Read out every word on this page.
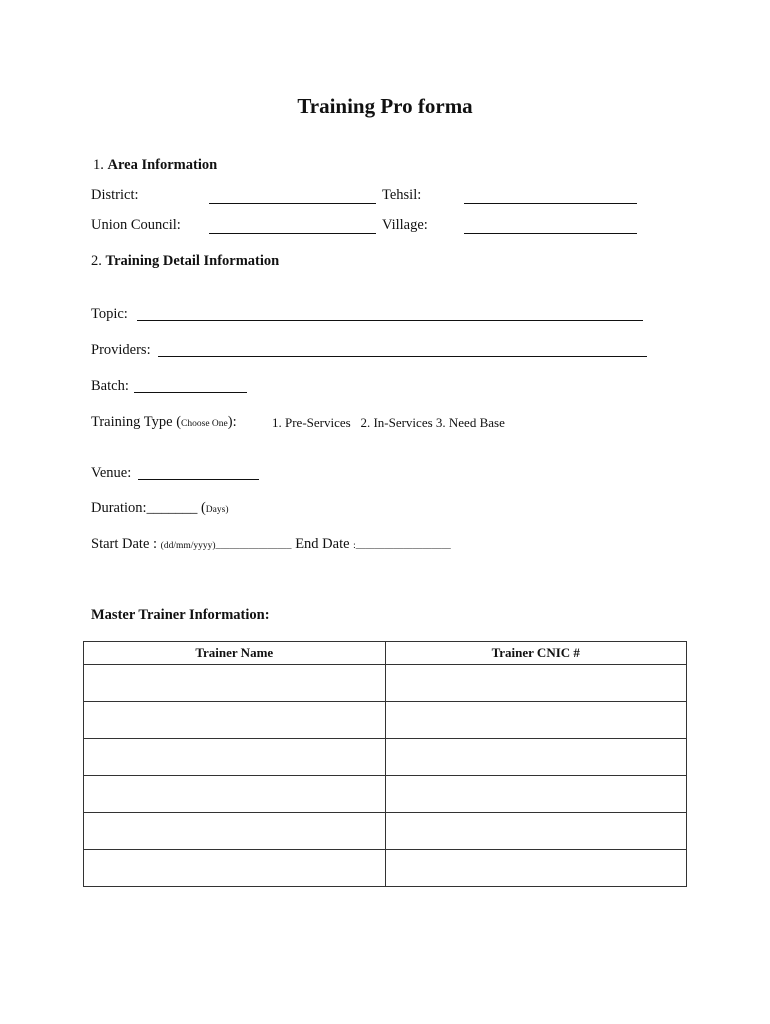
Training Pro forma
1. Area Information
District:	Tehsil:
Union Council:	Village:
2. Training Detail Information
Topic:
Providers:
Batch:
Training Type (Choose One):	1. Pre-Services   2. In-Services 3. Need Base
Venue:
Duration:_______ (Days)
Start Date : (dd/mm/yyyy)________________ End Date :____________________
Master Trainer Information:
Trainer Name	Trainer CNIC #
